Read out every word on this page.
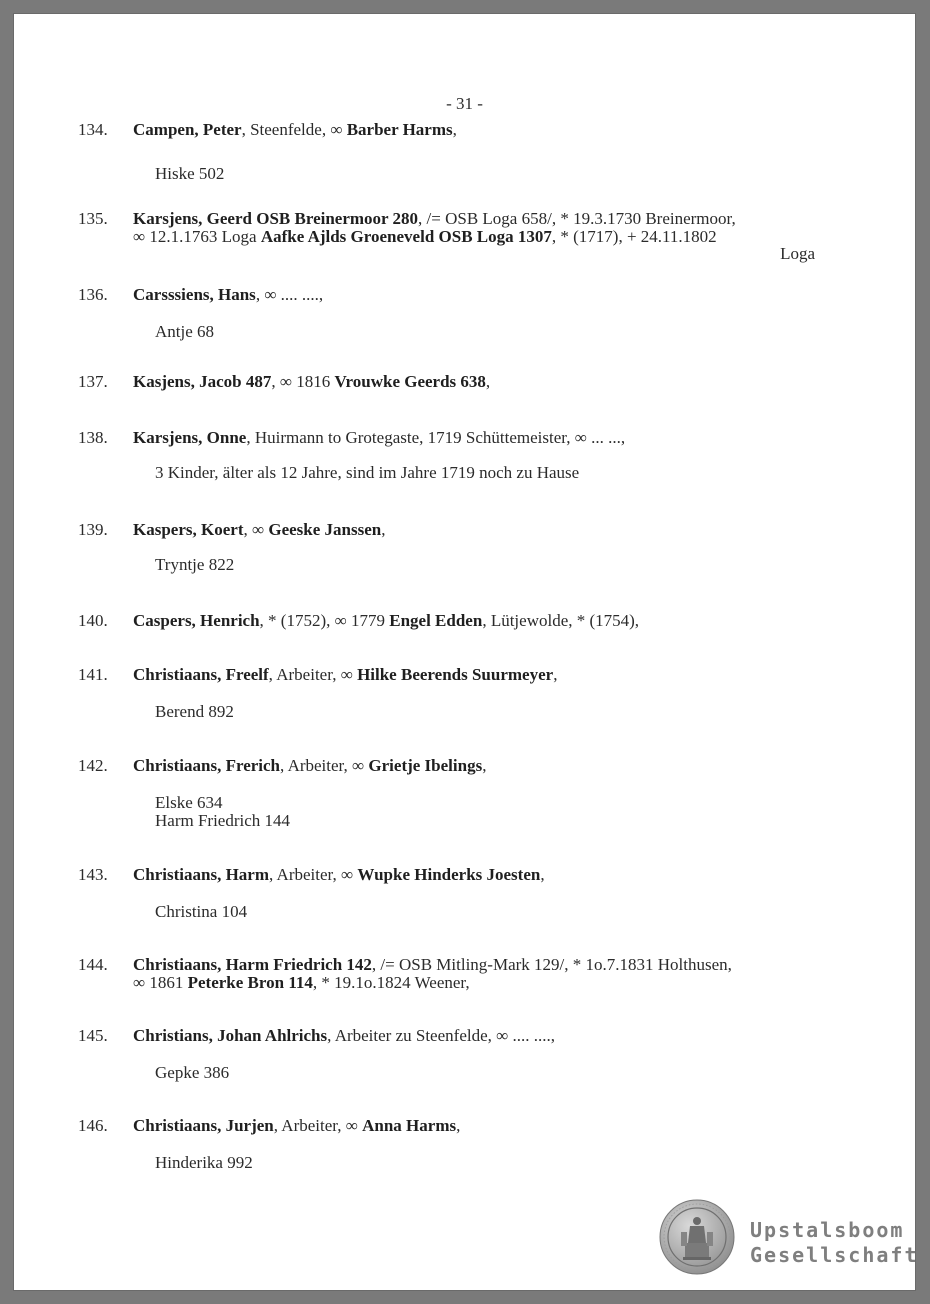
- 31 -
134. Campen, Peter, Steenfelde, ∞ Barber Harms,
Hiske 502
135. Karsjens, Geerd OSB Breinermoor 280, /= OSB Loga 658/, * 19.3.1730 Breinermoor,
∞ 12.1.1763 Loga Aafke Ajlds Groeneveld OSB Loga 1307, * (1717), + 24.11.1802
Loga
136. Carsssiens, Hans, ∞ .... ....,
Antje 68
137. Kasjens, Jacob 487, ∞ 1816 Vrouwke Geerds 638,
138. Karsjens, Onne, Huirmann to Grotegaste, 1719 Schüttemeister, ∞ ... ...,
3 Kinder, älter als 12 Jahre, sind im Jahre 1719 noch zu Hause
139. Kaspers, Koert, ∞ Geeske Janssen,
Tryntje 822
140. Caspers, Henrich, * (1752), ∞ 1779 Engel Edden, Lütjewolde, * (1754),
141. Christiaans, Freelf, Arbeiter, ∞ Hilke Beerends Suurmeyer,
Berend 892
142. Christiaans, Frerich, Arbeiter, ∞ Grietje Ibelings,
Elske 634
Harm Friedrich 144
143. Christiaans, Harm, Arbeiter, ∞ Wupke Hinderks Joesten,
Christina 104
144. Christiaans, Harm Friedrich 142, /= OSB Mitling-Mark 129/, * 1o.7.1831 Holthusen,
∞ 1861 Peterke Bron 114, * 19.1o.1824 Weener,
145. Christians, Johan Ahlrichs, Arbeiter zu Steenfelde, ∞ .... ....,
Gepke 386
146. Christiaans, Jurjen, Arbeiter, ∞ Anna Harms,
Hinderika 992
Upstalsboom
Gesellschaft
